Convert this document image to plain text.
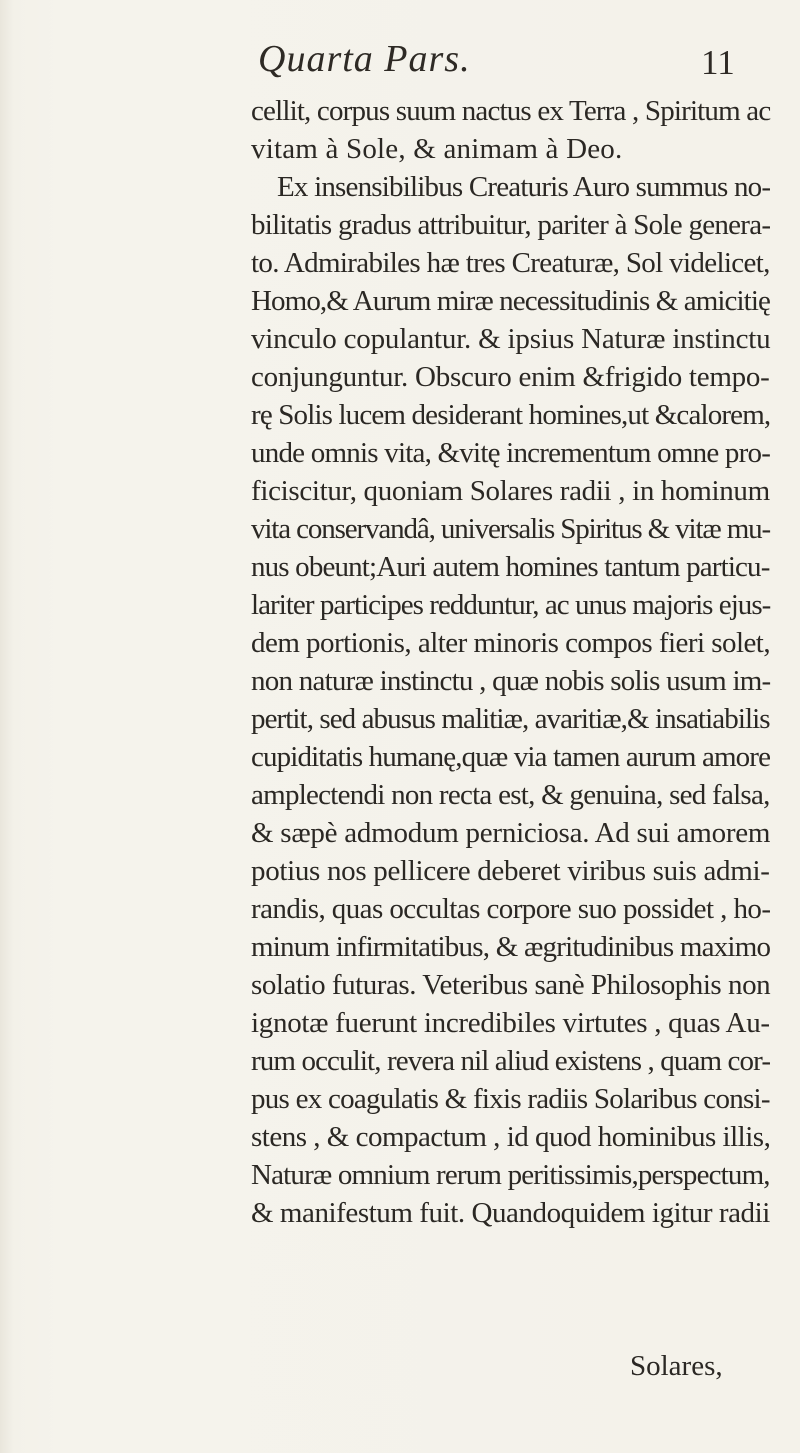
Quarta Pars.	11
cellit, corpus suum nactus ex Terra , Spiritum ac
vitam à Sole, & animam à Deo.
Ex insensibilibus Creaturis Auro summus no-
bilitatis gradus attribuitur, pariter à Sole genera-
to. Admirabiles hæ tres Creaturæ, Sol videlicet,
Homo,& Aurum miræ necessitudinis & amicitię
vinculo copulantur. & ipsius Naturæ instinctu
conjunguntur. Obscuro enim &frigido tempo-
rę Solis lucem desiderant homines,ut &calorem,
unde omnis vita, &vitę incrementum omne pro-
ficiscitur, quoniam Solares radii , in hominum
vita conservandâ, universalis Spiritus & vitæ mu-
nus obeunt;Auri autem homines tantum particu-
lariter participes redduntur, ac unus majoris ejus-
dem portionis, alter minoris compos fieri solet,
non naturæ instinctu , quæ nobis solis usum im-
pertit, sed abusus malitiæ, avaritiæ,& insatiabilis
cupiditatis humanę,quæ via tamen aurum amore
amplectendi non recta est, & genuina, sed falsa,
& sæpè admodum perniciosa. Ad sui amorem
potius nos pellicere deberet viribus suis admi-
randis, quas occultas corpore suo possidet , ho-
minum infirmitatibus, & ægritudinibus maximo
solatio futuras. Veteribus sanè Philosophis non
ignotæ fuerunt incredibiles virtutes , quas Au-
rum occulit, revera nil aliud existens , quam cor-
pus ex coagulatis & fixis radiis Solaribus consi-
stens , & compactum , id quod hominibus illis,
Naturæ omnium rerum peritissimis,perspectum,
& manifestum fuit. Quandoquidem igitur radii
Solares,
